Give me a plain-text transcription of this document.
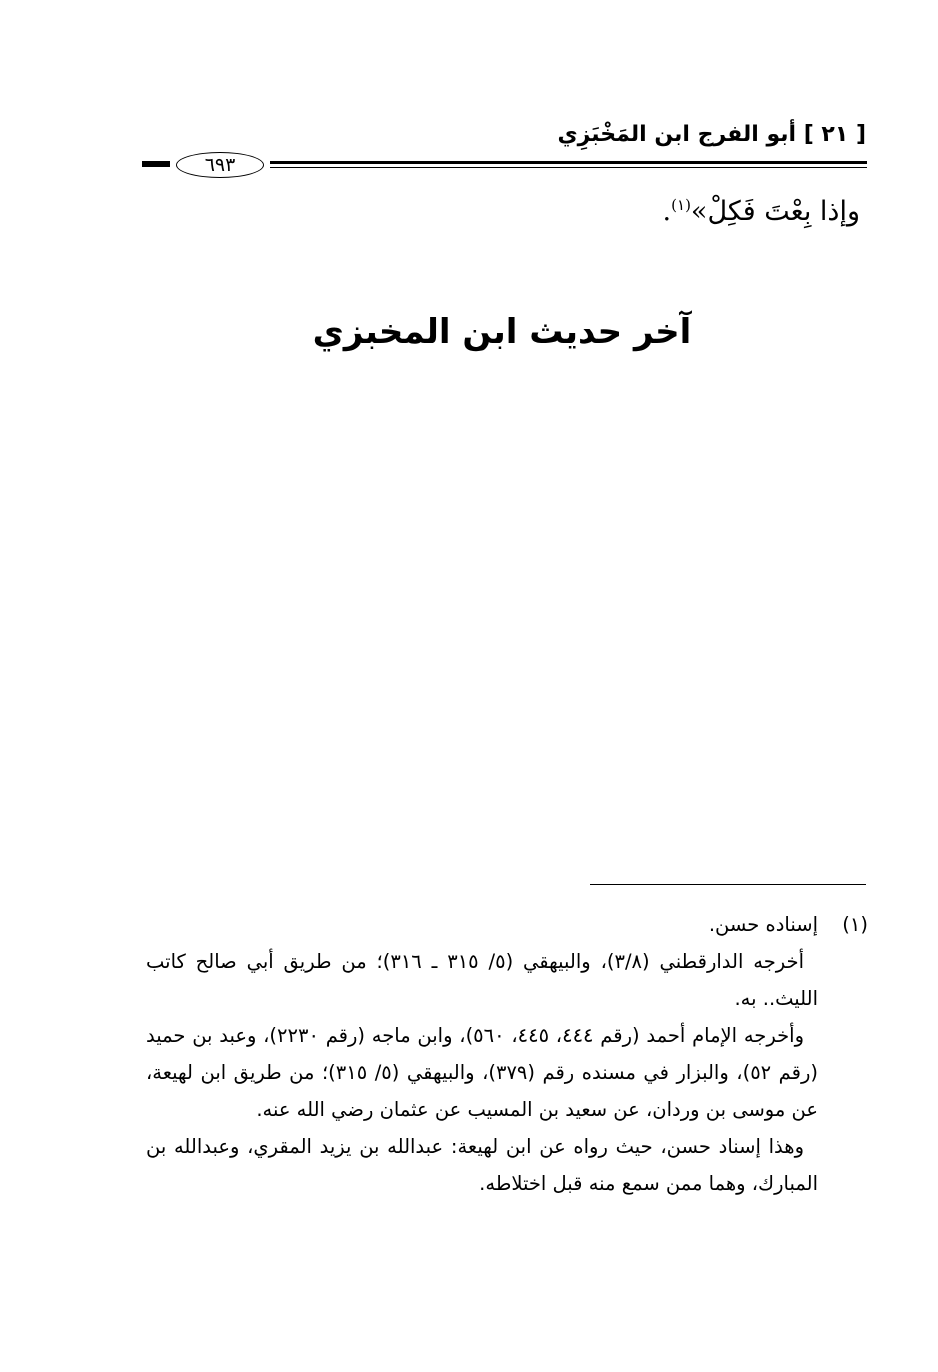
[ ٢١ ] أبو الفرج ابن المَخْبَزِي
٦٩٣
وإذا بِعْتَ فَكِلْ»$^{(١)}$.
آخر حديث ابن المخبزي

(١)إسناده حسن.

أخرجه الدارقطني (٣/٨)، والبيهقي (٥/ ٣١٥ ـ ٣١٦)؛ من طريق أبي صالح كاتب الليث.. به.

وأخرجه الإمام أحمد (رقم ٤٤٤، ٤٤٥، ٥٦٠)، وابن ماجه (رقم ٢٢٣٠)، وعبد بن حميد (رقم ٥٢)، والبزار في مسنده رقم (٣٧٩)، والبيهقي (٥/ ٣١٥)؛ من طريق ابن لهيعة، عن موسى بن وردان، عن سعيد بن المسيب عن عثمان رضي الله عنه.

وهذا إسناد حسن، حيث رواه عن ابن لهيعة: عبدالله بن يزيد المقري، وعبدالله بن المبارك، وهما ممن سمع منه قبل اختلاطه.
